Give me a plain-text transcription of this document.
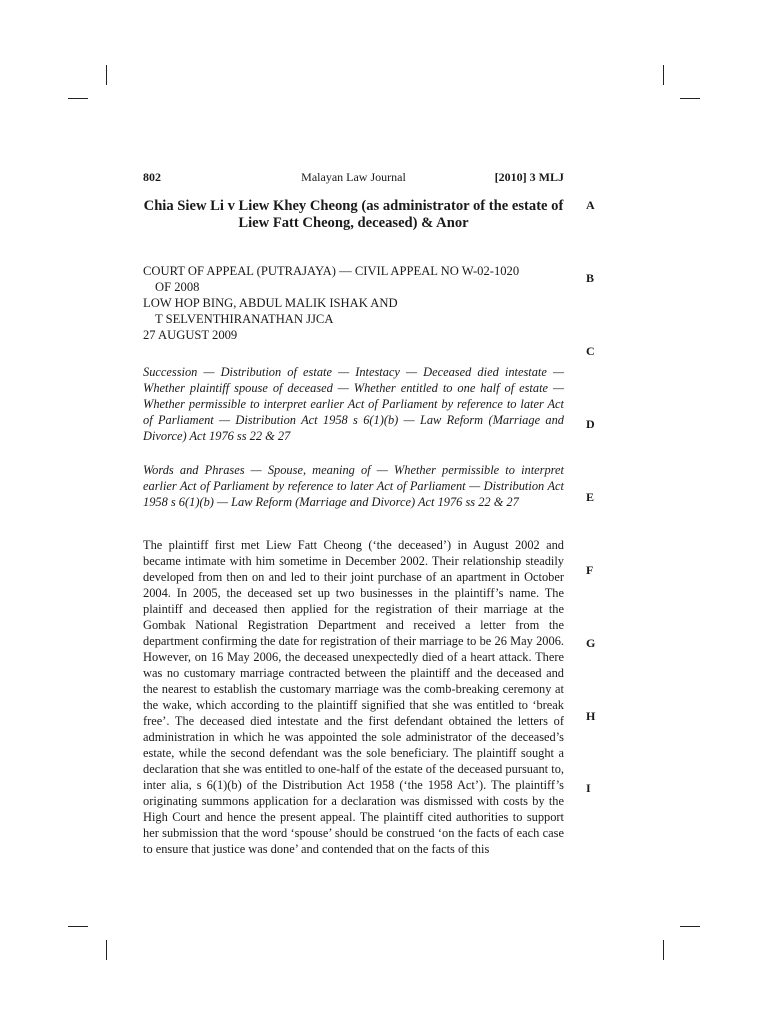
Malayan Law Journal
802	[2010] 3 MLJ
Chia Siew Li v Liew Khey Cheong (as administrator of the estate of Liew Fatt Cheong, deceased) & Anor
COURT OF APPEAL (PUTRAJAYA) — CIVIL APPEAL NO W-02-1020
OF 2008
LOW HOP BING, ABDUL MALIK ISHAK AND
T SELVENTHIRANATHAN JJCA
27 AUGUST 2009

Succession — Distribution of estate — Intestacy — Deceased died intestate — Whether plaintiff spouse of deceased — Whether entitled to one half of estate — Whether permissible to interpret earlier Act of Parliament by reference to later Act of Parliament — Distribution Act 1958 s 6(1)(b) — Law Reform (Marriage and Divorce) Act 1976 ss 22 & 27

Words and Phrases — Spouse, meaning of — Whether permissible to interpret earlier Act of Parliament by reference to later Act of Parliament — Distribution Act 1958 s 6(1)(b) — Law Reform (Marriage and Divorce) Act 1976 ss 22 & 27

The plaintiff first met Liew Fatt Cheong (‘the deceased’) in August 2002 and became intimate with him sometime in December 2002. Their relationship steadily developed from then on and led to their joint purchase of an apartment in October 2004. In 2005, the deceased set up two businesses in the plaintiff’s name. The plaintiff and deceased then applied for the registration of their marriage at the Gombak National Registration Department and received a letter from the department confirming the date for registration of their marriage to be 26 May 2006. However, on 16 May 2006, the deceased unexpectedly died of a heart attack. There was no customary marriage contracted between the plaintiff and the deceased and the nearest to establish the customary marriage was the comb-breaking ceremony at the wake, which according to the plaintiff signified that she was entitled to ‘break free’. The deceased died intestate and the first defendant obtained the letters of administration in which he was appointed the sole administrator of the deceased’s estate, while the second defendant was the sole beneficiary. The plaintiff sought a declaration that she was entitled to one-half of the estate of the deceased pursuant to, inter alia, s 6(1)(b) of the Distribution Act 1958 (‘the 1958 Act’). The plaintiff’s originating summons application for a declaration was dismissed with costs by the High Court and hence the present appeal. The plaintiff cited authorities to support her submission that the word ‘spouse’ should be construed ‘on the facts of each case to ensure that justice was done’ and contended that on the facts of this

A
B
C
D
E
F
G
H
I
